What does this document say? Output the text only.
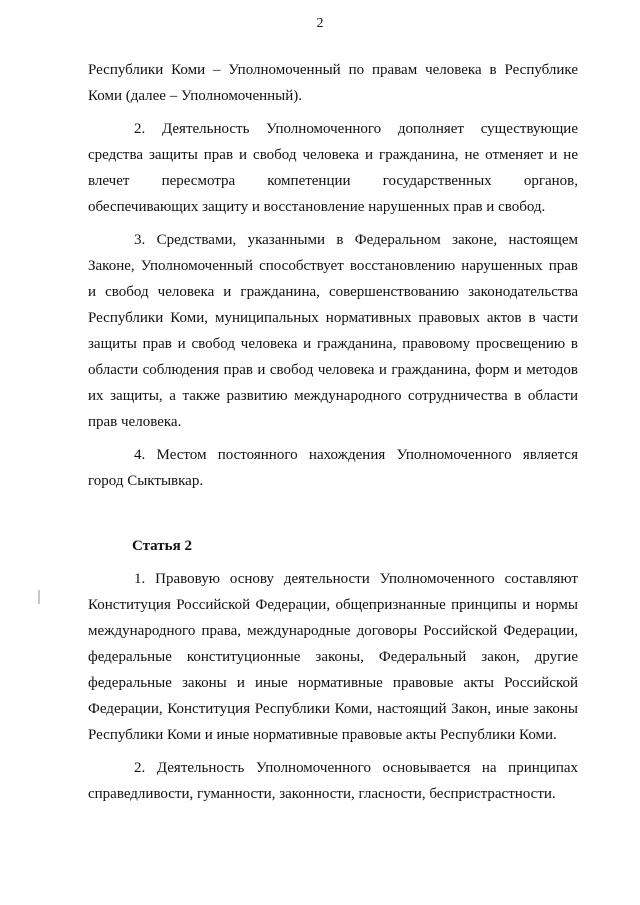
2

Республики Коми – Уполномоченный по правам человека в Республике Коми (далее – Уполномоченный).

2. Деятельность Уполномоченного дополняет существующие средства защиты прав и свобод человека и гражданина, не отменяет и не влечет пересмотра компетенции государственных органов, обеспечивающих защиту и восстановление нарушенных прав и свобод.

3. Средствами, указанными в Федеральном законе, настоящем Законе, Уполномоченный способствует восстановлению нарушенных прав и свобод человека и гражданина, совершенствованию законодательства Республики Коми, муниципальных нормативных правовых актов в части защиты прав и свобод человека и гражданина, правовому просвещению в области соблюдения прав и свобод человека и гражданина, форм и методов их защиты, а также развитию международного сотрудничества в области прав человека.

4. Местом постоянного нахождения Уполномоченного является город Сыктывкар.

Статья 2

1. Правовую основу деятельности Уполномоченного составляют Конституция Российской Федерации, общепризнанные принципы и нормы международного права, международные договоры Российской Федерации, федеральные конституционные законы, Федеральный закон, другие федеральные законы и иные нормативные правовые акты Российской Федерации, Конституция Республики Коми, настоящий Закон, иные законы Республики Коми и иные нормативные правовые акты Республики Коми.

2. Деятельность Уполномоченного основывается на принципах справедливости, гуманности, законности, гласности, беспристрастности.
